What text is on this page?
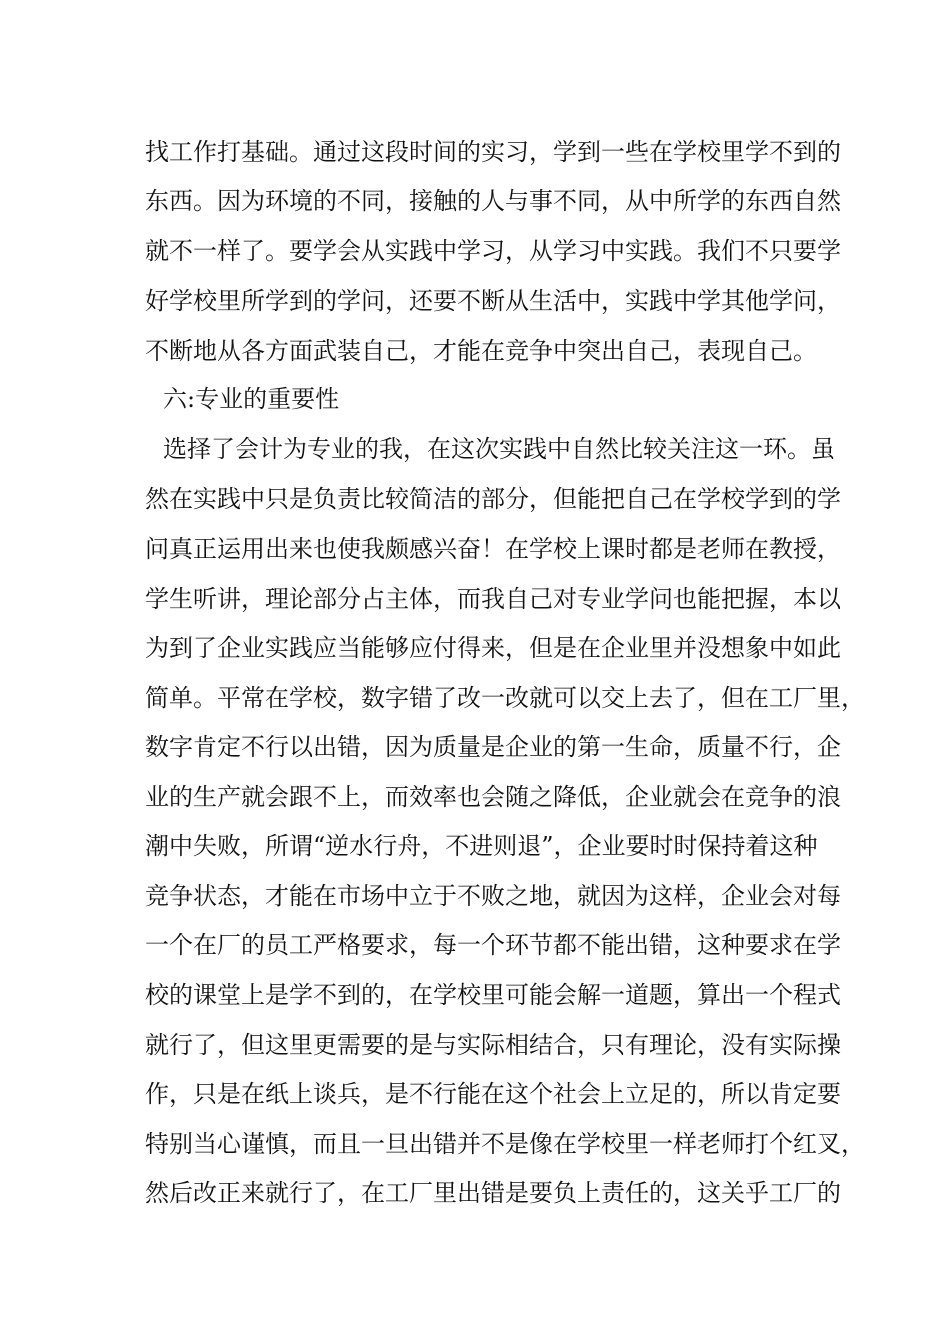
找工作打基础。通过这段时间的实习，学到一些在学校里学不到的

东西。因为环境的不同，接触的人与事不同，从中所学的东西自然

就不一样了。要学会从实践中学习，从学习中实践。我们不只要学

好学校里所学到的学问，还要不断从生活中，实践中学其他学问，

不断地从各方面武装自己，才能在竞争中突出自己，表现自己。

六:专业的重要性

选择了会计为专业的我，在这次实践中自然比较关注这一环。虽

然在实践中只是负责比较简洁的部分，但能把自己在学校学到的学

问真正运用出来也使我颇感兴奋！在学校上课时都是老师在教授，

学生听讲，理论部分占主体，而我自己对专业学问也能把握，本以

为到了企业实践应当能够应付得来，但是在企业里并没想象中如此

简单。平常在学校，数字错了改一改就可以交上去了，但在工厂里，

数字肯定不行以出错，因为质量是企业的第一生命，质量不行，企

业的生产就会跟不上，而效率也会随之降低，企业就会在竞争的浪

潮中失败，所谓“逆水行舟，不进则退”，企业要时时保持着这种

竞争状态，才能在市场中立于不败之地，就因为这样，企业会对每

一个在厂的员工严格要求，每一个环节都不能出错，这种要求在学

校的课堂上是学不到的，在学校里可能会解一道题，算出一个程式

就行了，但这里更需要的是与实际相结合，只有理论，没有实际操

作，只是在纸上谈兵，是不行能在这个社会上立足的，所以肯定要

特别当心谨慎，而且一旦出错并不是像在学校里一样老师打个红叉，

然后改正来就行了，在工厂里出错是要负上责任的，这关乎工厂的
